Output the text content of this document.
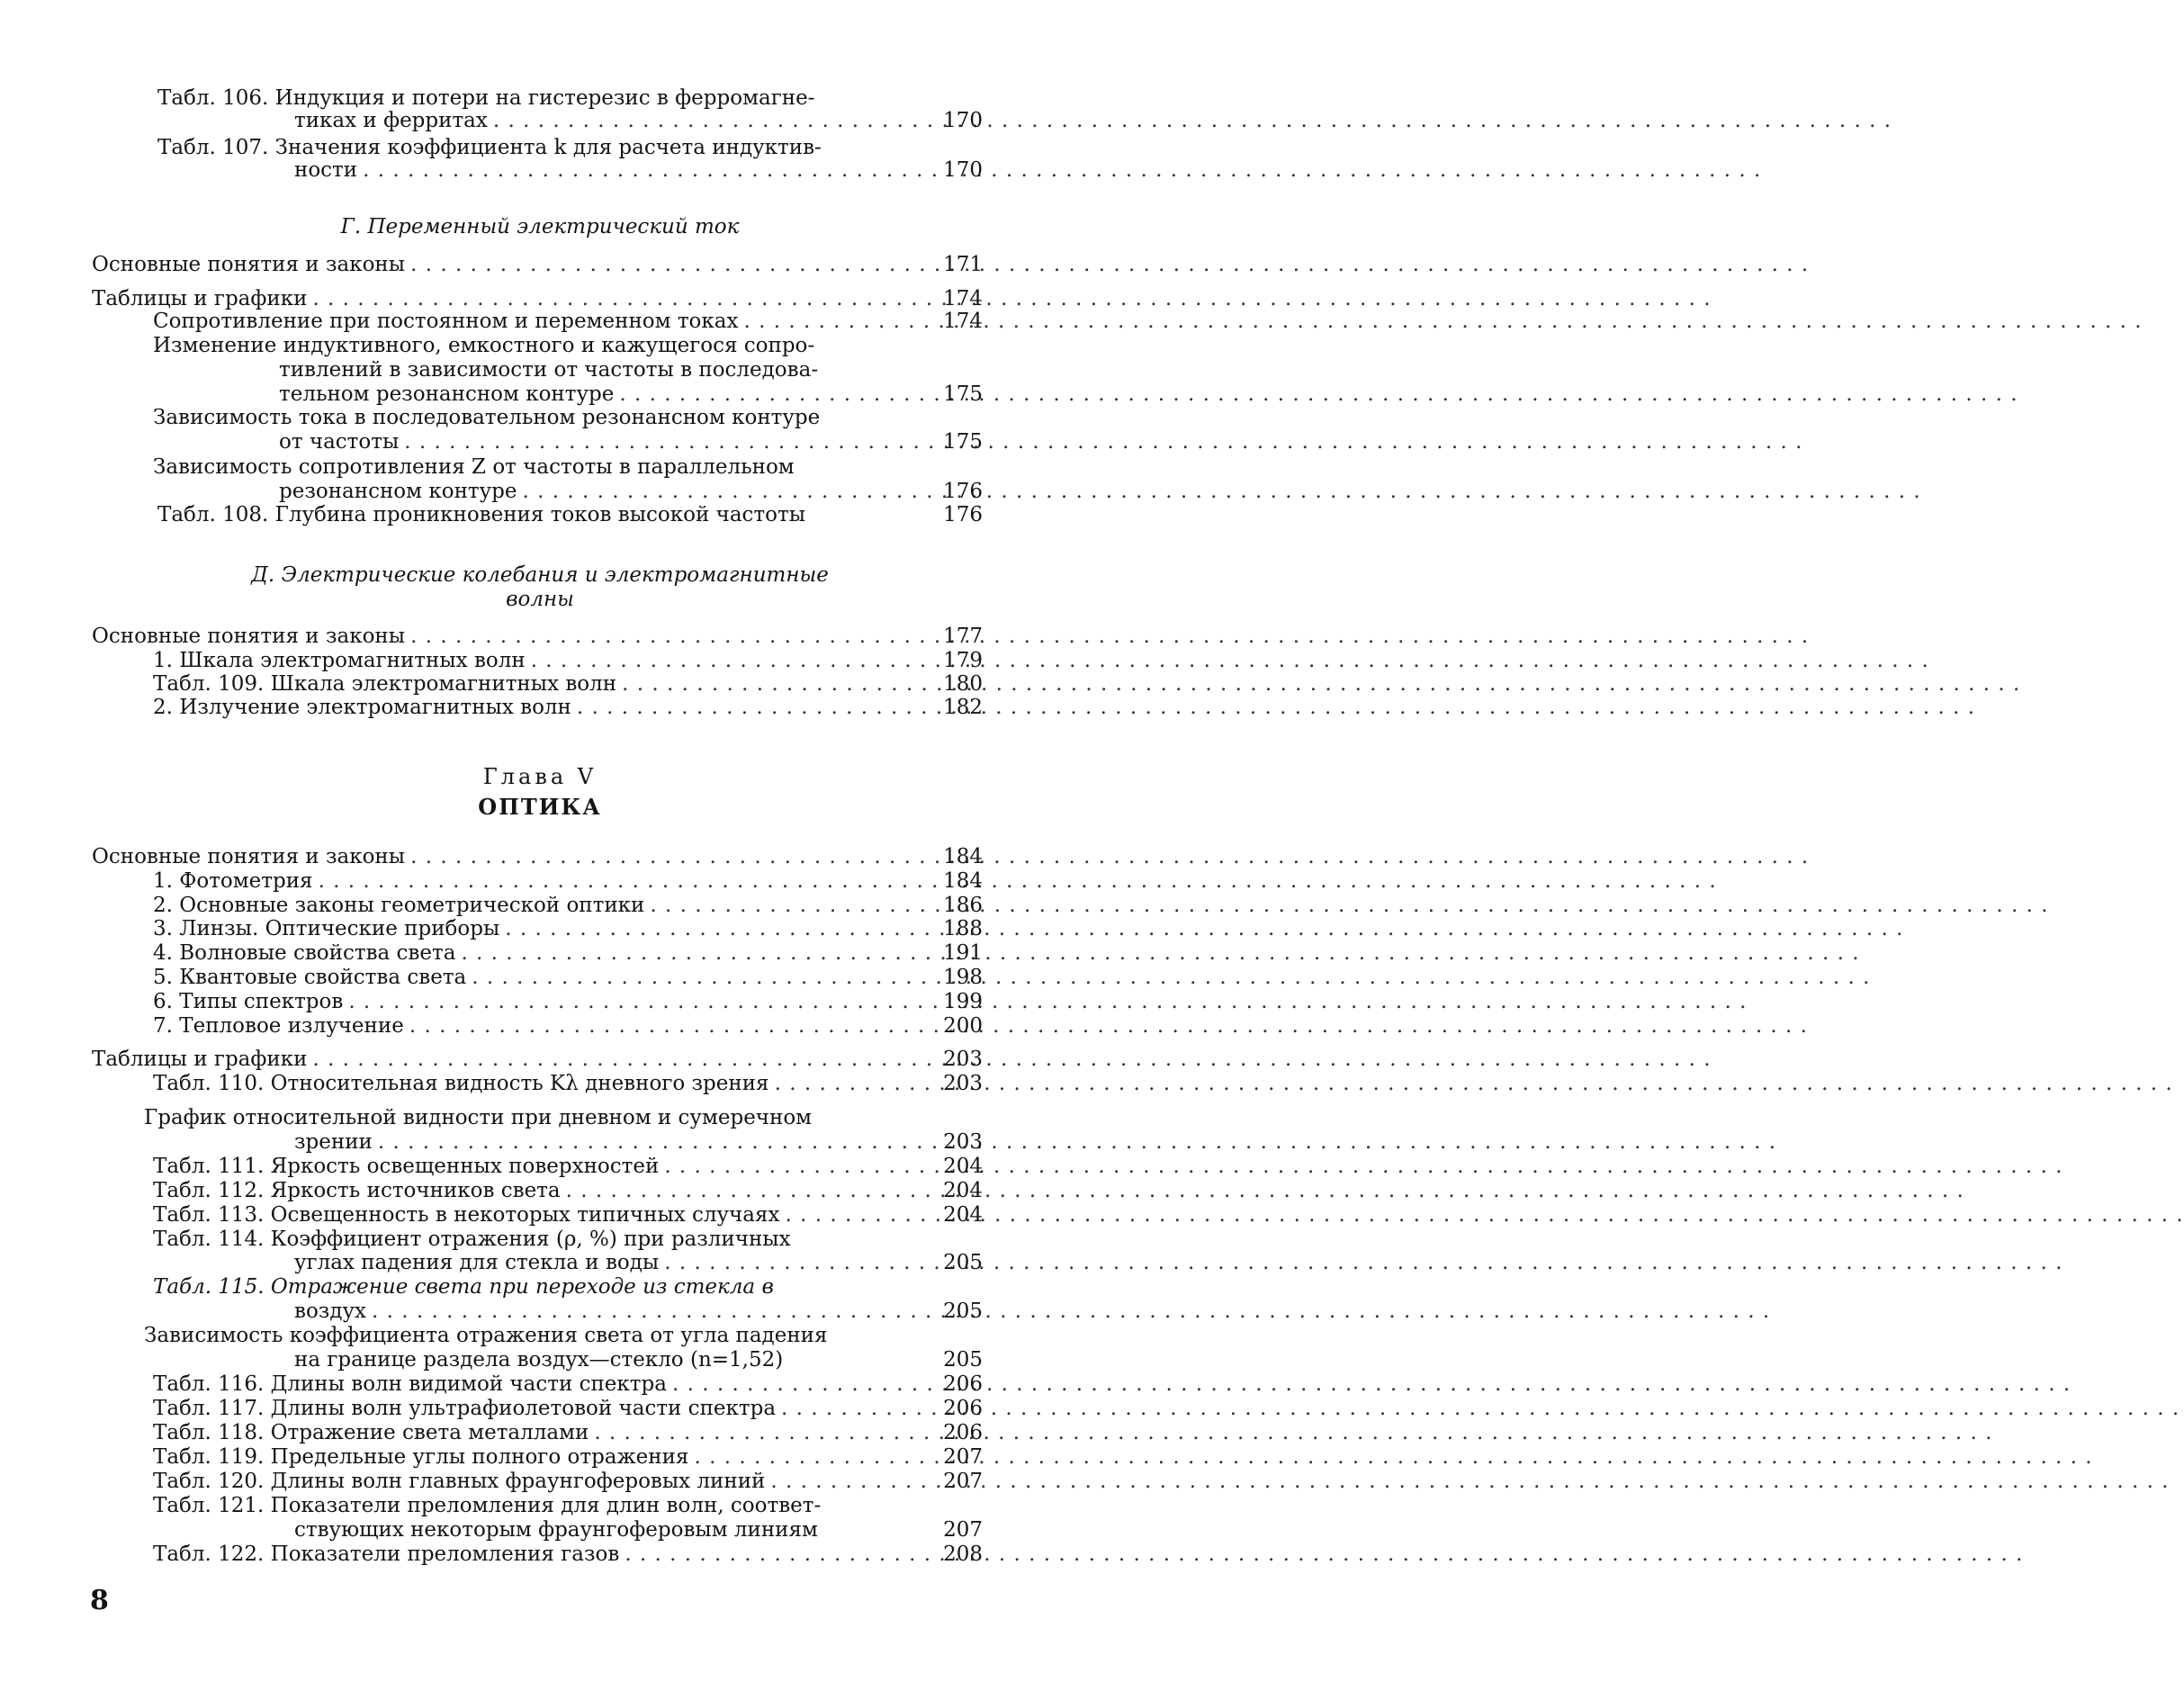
Табл. 106. Индукция и потери на гистерезис в ферромагне-
тиках и ферритах . . .	170
Табл. 107. Значения коэффициента k для расчета индуктив-
ности . . .	170
Г. Переменный электрический ток
Основные понятия и законы . . .	171
Таблицы и графики . . .	174
Сопротивление при постоянном и переменном токах . . .	174
Изменение индуктивного, емкостного и кажущегося сопро-
тивлений в зависимости от частоты в последова-
тельном резонансном контуре . . .	175
Зависимость тока в последовательном резонансном контуре
от частоты . . .	175
Зависимость сопротивления Z от частоты в параллельном
резонансном контуре . . .	176
Табл. 108. Глубина проникновения токов высокой частоты	176
Д. Электрические колебания и электромагнитные
волны
Основные понятия и законы . . .	177
1. Шкала электромагнитных волн . . .	179
Табл. 109. Шкала электромагнитных волн . . .	180
2. Излучение электромагнитных волн . . .	182
Глава V
ОПТИКА
Основные понятия и законы . . .	184
1. Фотометрия . . .	184
2. Основные законы геометрической оптики . . .	186
3. Линзы. Оптические приборы . . .	188
4. Волновые свойства света . . .	191
5. Квантовые свойства света . . .	198
6. Типы спектров . . .	199
7. Тепловое излучение . . .	200
Таблицы и графики . . .	203
Табл. 110. Относительная видность Kλ дневного зрения . . .	203
График относительной видности при дневном и сумеречном
зрении . . .	203
Табл. 111. Яркость освещенных поверхностей . . .	204
Табл. 112. Яркость источников света . . .	204
Табл. 113. Освещенность в некоторых типичных случаях . . .	204
Табл. 114. Коэффициент отражения (ρ, %) при различных
углах падения для стекла и воды . . .	205
Табл. 115. Отражение света при переходе из стекла в
воздух . . .	205
Зависимость коэффициента отражения света от угла падения
на границе раздела воздух—стекло (n=1,52)	205
Табл. 116. Длины волн видимой части спектра . . .	206
Табл. 117. Длины волн ультрафиолетовой части спектра . . .	206
Табл. 118. Отражение света металлами . . .	206
Табл. 119. Предельные углы полного отражения . . .	207
Табл. 120. Длины волн главных фраунгоферовых линий . . .	207
Табл. 121. Показатели преломления для длин волн, соответ-
ствующих некоторым фраунгоферовым линиям	207
Табл. 122. Показатели преломления газов . . .	208
8
